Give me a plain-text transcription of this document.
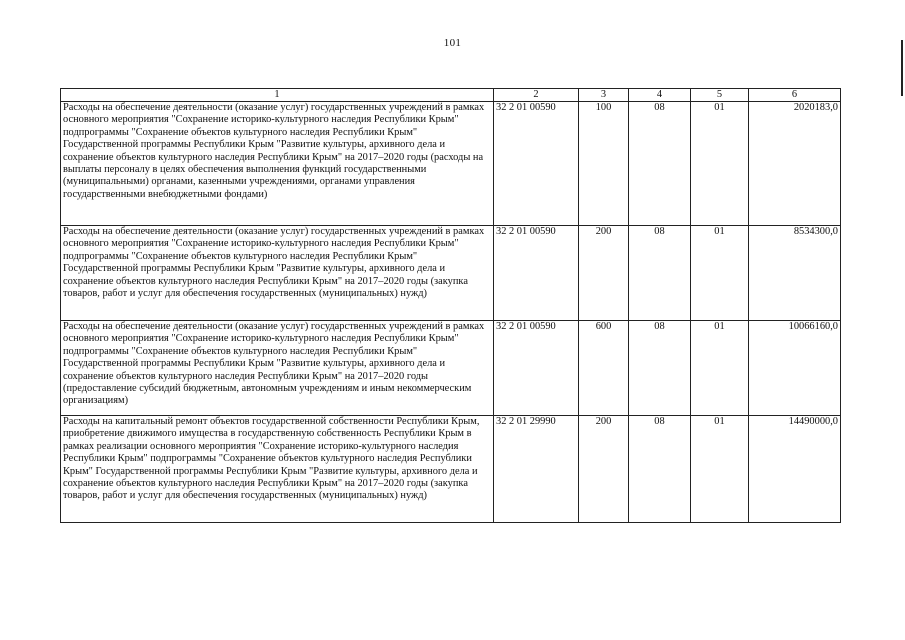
101
1	2	3	4	5	6
Расходы на обеспечение деятельности (оказание услуг) государственных учреждений в рамках основного мероприятия "Сохранение историко-культурного наследия Республики Крым" подпрограммы "Сохранение объектов культурного наследия Республики Крым" Государственной программы Республики Крым "Развитие культуры, архивного дела и сохранение объектов культурного наследия Республики Крым" на 2017–2020 годы (расходы на выплаты персоналу в целях обеспечения выполнения функций государственными (муниципальными) органами, казенными учреждениями, органами управления государственными внебюджетными фондами)	32 2 01 00590	100	08	01	2020183,0
Расходы на обеспечение деятельности (оказание услуг) государственных учреждений в рамках основного мероприятия "Сохранение историко-культурного наследия Республики Крым" подпрограммы "Сохранение объектов культурного наследия Республики Крым" Государственной программы Республики Крым "Развитие культуры, архивного дела и сохранение объектов культурного наследия Республики Крым" на 2017–2020 годы (закупка товаров, работ и услуг для обеспечения государственных (муниципальных) нужд)	32 2 01 00590	200	08	01	8534300,0
Расходы на обеспечение деятельности (оказание услуг) государственных учреждений в рамках основного мероприятия "Сохранение историко-культурного наследия Республики Крым" подпрограммы "Сохранение объектов культурного наследия Республики Крым" Государственной программы Республики Крым "Развитие культуры, архивного дела и сохранение объектов культурного наследия Республики Крым" на 2017–2020 годы (предоставление субсидий бюджетным, автономным учреждениям и иным некоммерческим организациям)	32 2 01 00590	600	08	01	10066160,0
Расходы на капитальный ремонт объектов государственной собственности Республики Крым, приобретение движимого имущества в государственную собственность Республики Крым в рамках реализации основного мероприятия "Сохранение историко-культурного наследия Республики Крым" подпрограммы "Сохранение объектов культурного наследия Республики Крым" Государственной программы Республики Крым "Развитие культуры, архивного дела и сохранение объектов культурного наследия Республики Крым" на 2017–2020 годы (закупка товаров, работ и услуг для обеспечения государственных (муниципальных) нужд)	32 2 01 29990	200	08	01	14490000,0
